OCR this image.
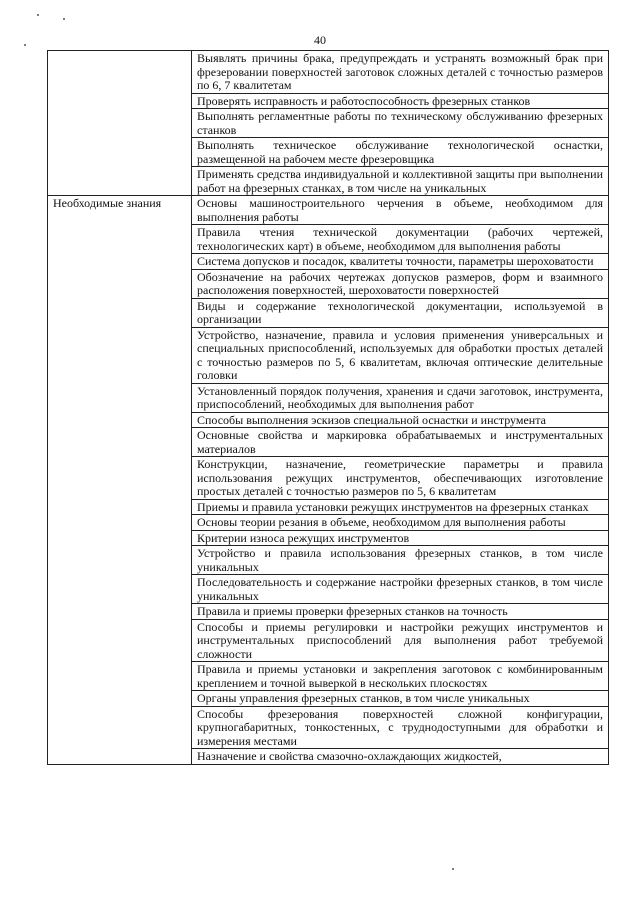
40
	Выявлять причины брака, предупреждать и устранять возможный брак при фрезеровании поверхностей заготовок сложных деталей с точностью размеров по 6, 7 квалитетам
	Проверять исправность и работоспособность фрезерных станков
	Выполнять регламентные работы по техническому обслуживанию фрезерных станков
	Выполнять техническое обслуживание технологической оснастки, размещенной на рабочем месте фрезеровщика
	Применять средства индивидуальной и коллективной защиты при выполнении работ на фрезерных станках, в том числе на уникальных
Необходимые знания	Основы машиностроительного черчения в объеме, необходимом для выполнения работы
	Правила чтения технической документации (рабочих чертежей, технологических карт) в объеме, необходимом для выполнения работы
	Система допусков и посадок, квалитеты точности, параметры шероховатости
	Обозначение на рабочих чертежах допусков размеров, форм и взаимного расположения поверхностей, шероховатости поверхностей
	Виды и содержание технологической документации, используемой в организации
	Устройство, назначение, правила и условия применения универсальных и специальных приспособлений, используемых для обработки простых деталей с точностью размеров по 5, 6 квалитетам, включая оптические делительные головки
	Установленный порядок получения, хранения и сдачи заготовок, инструмента, приспособлений, необходимых для выполнения работ
	Способы выполнения эскизов специальной оснастки и инструмента
	Основные свойства и маркировка обрабатываемых и инструментальных материалов
	Конструкции, назначение, геометрические параметры и правила использования режущих инструментов, обеспечивающих изготовление простых деталей с точностью размеров по 5, 6 квалитетам
	Приемы и правила установки режущих инструментов на фрезерных станках
	Основы теории резания в объеме, необходимом для выполнения работы
	Критерии износа режущих инструментов
	Устройство и правила использования фрезерных станков, в том числе уникальных
	Последовательность и содержание настройки фрезерных станков, в том числе уникальных
	Правила и приемы проверки фрезерных станков на точность
	Способы и приемы регулировки и настройки режущих инструментов и инструментальных приспособлений для выполнения работ требуемой сложности
	Правила и приемы установки и закрепления заготовок с комбинированным креплением и точной выверкой в нескольких плоскостях
	Органы управления фрезерных станков, в том числе уникальных
	Способы фрезерования поверхностей сложной конфигурации, крупногабаритных, тонкостенных, с труднодоступными для обработки и измерения местами
	Назначение и свойства смазочно-охлаждающих жидкостей,
